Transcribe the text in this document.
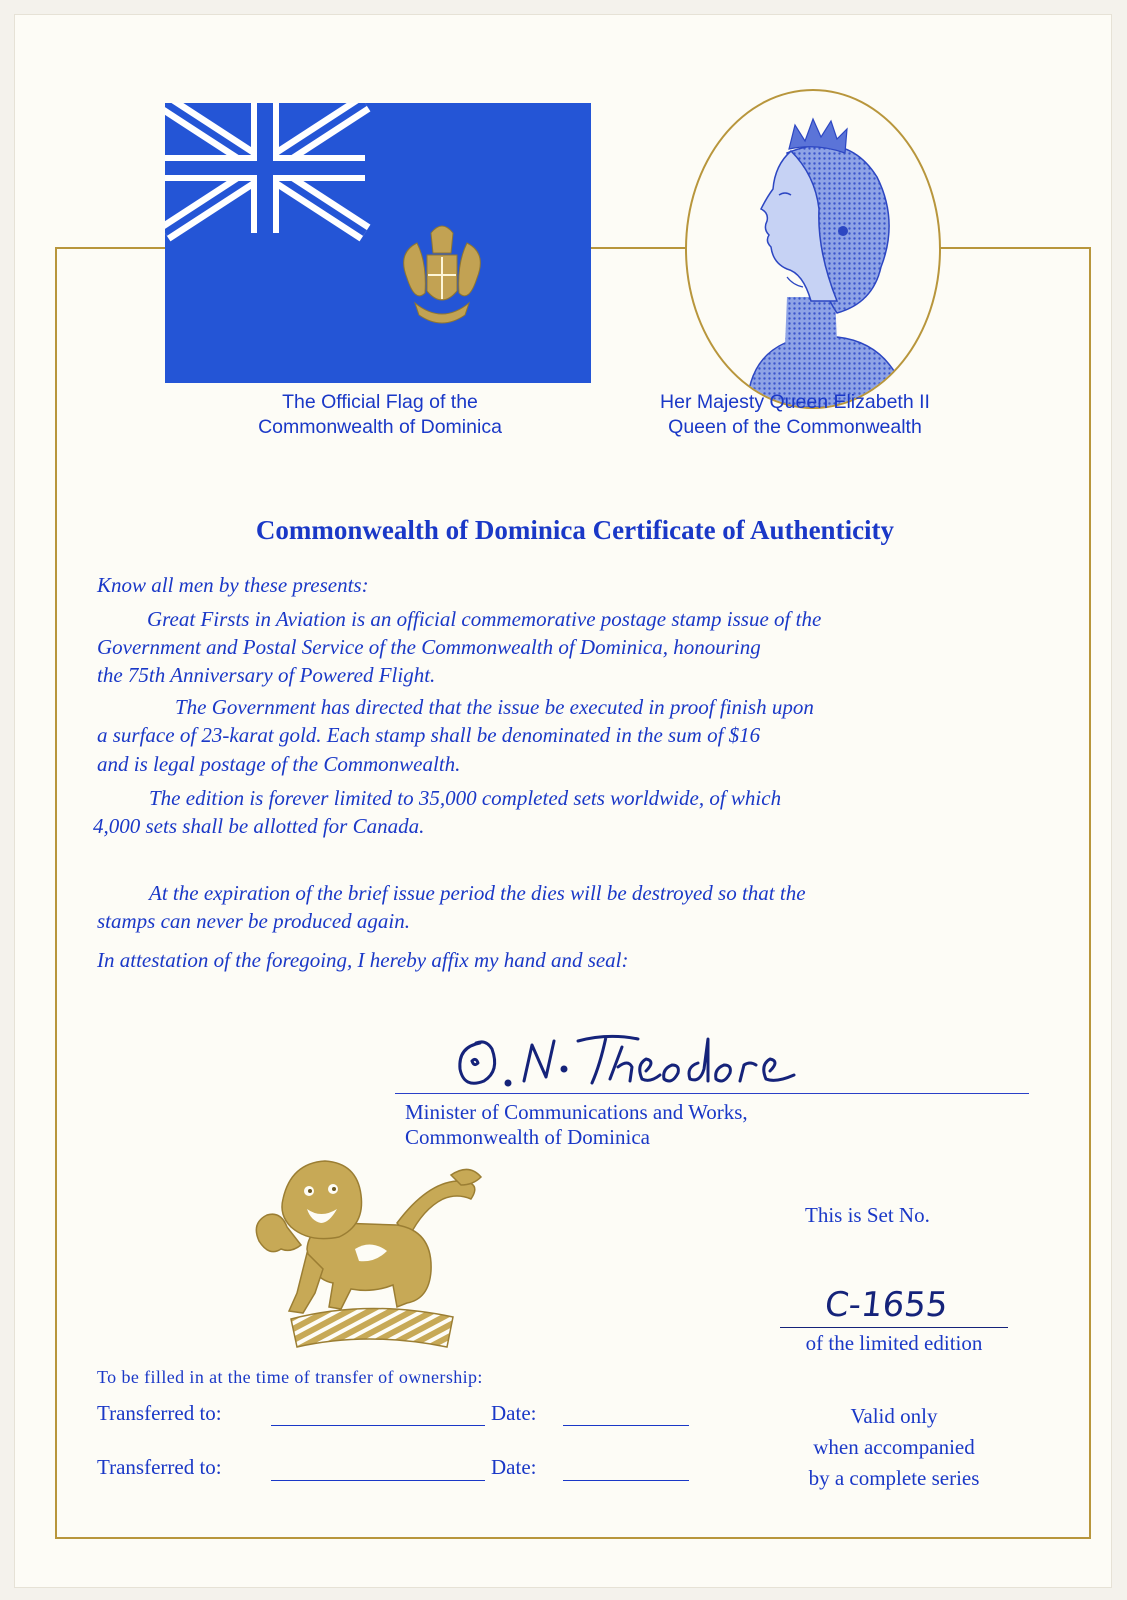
The Official Flag of the
Commonwealth of Dominica
Her Majesty Queen Elizabeth II
Queen of the Commonwealth
Commonwealth of Dominica Certificate of Authenticity

Know all men by these presents:

Great Firsts in Aviation is an official commemorative postage stamp issue of the

Government and Postal Service of the Commonwealth of Dominica, honouring

the 75th Anniversary of Powered Flight.

The Government has directed that the issue be executed in proof finish upon

a surface of 23-karat gold. Each stamp shall be denominated in the sum of $16

and is legal postage of the Commonwealth.

The edition is forever limited to 35,000 completed sets worldwide, of which

4,000 sets shall be allotted for Canada.

At the expiration of the brief issue period the dies will be destroyed so that the

stamps can never be produced again.

In attestation of the foregoing, I hereby affix my hand and seal:

Minister of Communications and Works,
Commonwealth of Dominica

This is Set No.

C-1655

of the limited edition

To be filled in at the time of transfer of ownership:

Transferred to:	Date:
Transferred to:	Date:

Valid only
when accompanied
by a complete series
